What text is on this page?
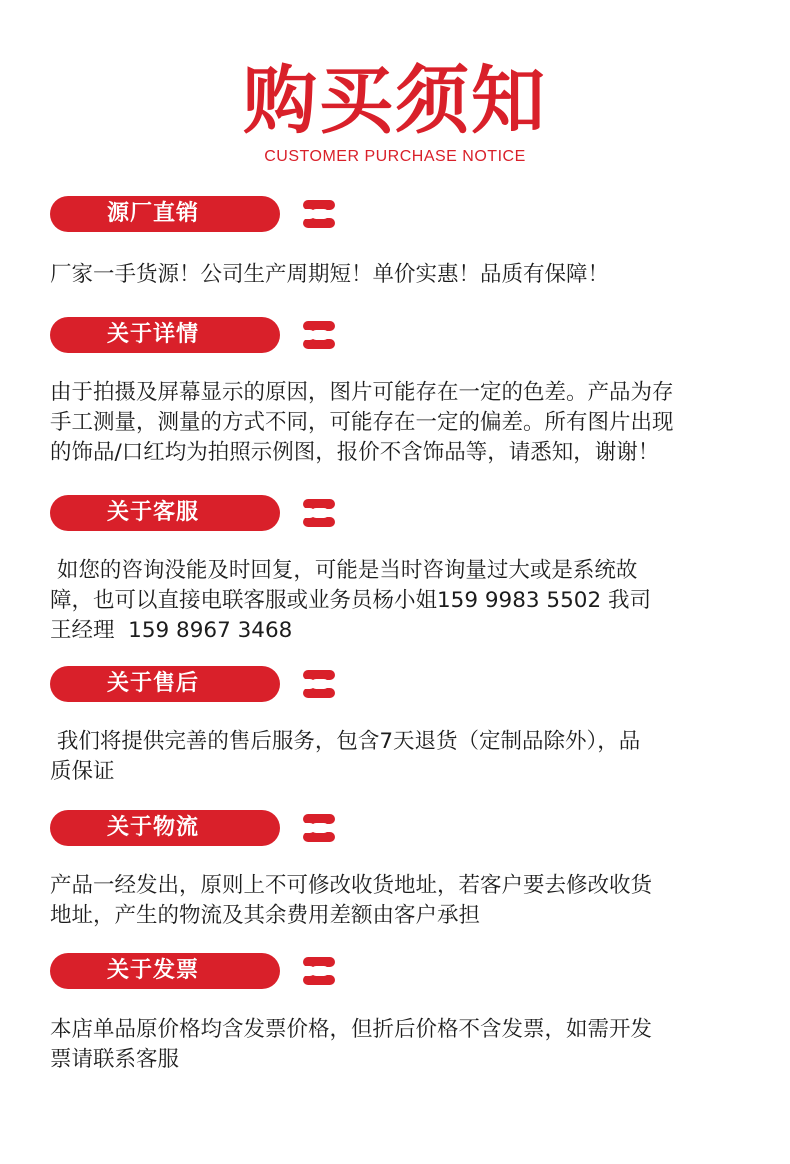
购买须知
CUSTOMER PURCHASE NOTICE
源厂直销

厂家一手货源！公司生产周期短！单价实惠！品质有保障！

关于详情

由于拍摄及屏幕显示的原因，图片可能存在一定的色差。产品为存
手工测量，测量的方式不同，可能存在一定的偏差。所有图片出现
的饰品/口红均为拍照示例图，报价不含饰品等，请悉知，谢谢！

关于客服

如您的咨询没能及时回复，可能是当时咨询量过大或是系统故
障，也可以直接电联客服或业务员杨小姐159 9983 5502 我司
王经理  159 8967 3468

关于售后

我们将提供完善的售后服务，包含7天退货（定制品除外），品
质保证

关于物流

产品一经发出，原则上不可修改收货地址，若客户要去修改收货
地址，产生的物流及其余费用差额由客户承担

关于发票

本店单品原价格均含发票价格，但折后价格不含发票，如需开发
票请联系客服
